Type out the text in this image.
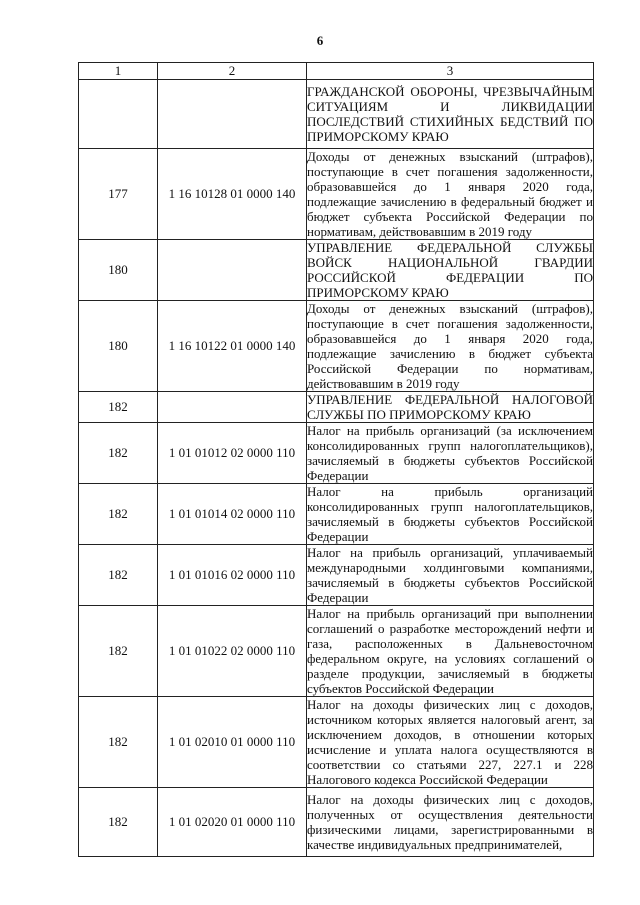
6
1	2	3
		ГРАЖДАНСКОЙ ОБОРОНЫ, ЧРЕЗВЫЧАЙНЫМ СИТУАЦИЯМ И ЛИКВИДАЦИИ ПОСЛЕДСТВИЙ СТИХИЙНЫХ БЕДСТВИЙ ПО ПРИМОРСКОМУ КРАЮ
177	1 16 10128 01 0000 140	Доходы от денежных взысканий (штрафов), поступающие в счет погашения задолженности, образовавшейся до 1 января 2020 года, подлежащие зачислению в федеральный бюджет и бюджет субъекта Российской Федерации по нормативам, действовавшим в 2019 году
180		УПРАВЛЕНИЕ ФЕДЕРАЛЬНОЙ СЛУЖБЫ ВОЙСК НАЦИОНАЛЬНОЙ ГВАРДИИ РОССИЙСКОЙ ФЕДЕРАЦИИ ПО ПРИМОРСКОМУ КРАЮ
180	1 16 10122 01 0000 140	Доходы от денежных взысканий (штрафов), поступающие в счет погашения задолженности, образовавшейся до 1 января 2020 года, подлежащие зачислению в бюджет субъекта Российской Федерации по нормативам, действовавшим в 2019 году
182		УПРАВЛЕНИЕ ФЕДЕРАЛЬНОЙ НАЛОГОВОЙ СЛУЖБЫ ПО ПРИМОРСКОМУ КРАЮ
182	1 01 01012 02 0000 110	Налог на прибыль организаций (за исключением консолидированных групп налогоплательщиков), зачисляемый в бюджеты субъектов Российской Федерации
182	1 01 01014 02 0000 110	Налог на прибыль организаций консолидированных групп налогоплательщиков, зачисляемый в бюджеты субъектов Российской Федерации
182	1 01 01016 02 0000 110	Налог на прибыль организаций, уплачиваемый международными холдинговыми компаниями, зачисляемый в бюджеты субъектов Российской Федерации
182	1 01 01022 02 0000 110	Налог на прибыль организаций при выполнении соглашений о разработке месторождений нефти и газа, расположенных в Дальневосточном федеральном округе, на условиях соглашений о разделе продукции, зачисляемый в бюджеты субъектов Российской Федерации
182	1 01 02010 01 0000 110	Налог на доходы физических лиц с доходов, источником которых является налоговый агент, за исключением доходов, в отношении которых исчисление и уплата налога осуществляются в соответствии со статьями 227, 227.1 и 228 Налогового кодекса Российской Федерации
182	1 01 02020 01 0000 110	Налог на доходы физических лиц с доходов, полученных от осуществления деятельности физическими лицами, зарегистрированными в качестве индивидуальных предпринимателей,
